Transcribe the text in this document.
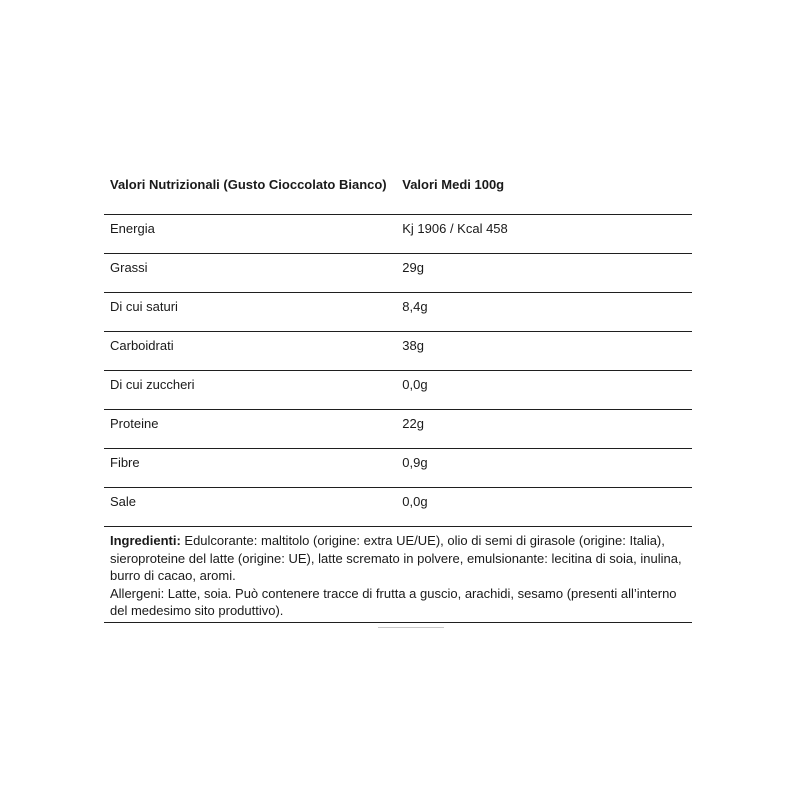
Valori Nutrizionali (Gusto Cioccolato Bianco)	Valori Medi 100g
Energia	Kj 1906 / Kcal 458
Grassi	29g
Di cui saturi	8,4g
Carboidrati	38g
Di cui zuccheri	0,0g
Proteine	22g
Fibre	0,9g
Sale	0,0g
Ingredienti: Edulcorante: maltitolo (origine: extra UE/UE), olio di semi di girasole (origine: Italia), sieroproteine del latte (origine: UE), latte scremato in polvere, emulsionante: lecitina di soia, inulina, burro di cacao, aromi.
Allergeni: Latte, soia. Può contenere tracce di frutta a guscio, arachidi, sesamo (presenti all’interno del medesimo sito produttivo).	
